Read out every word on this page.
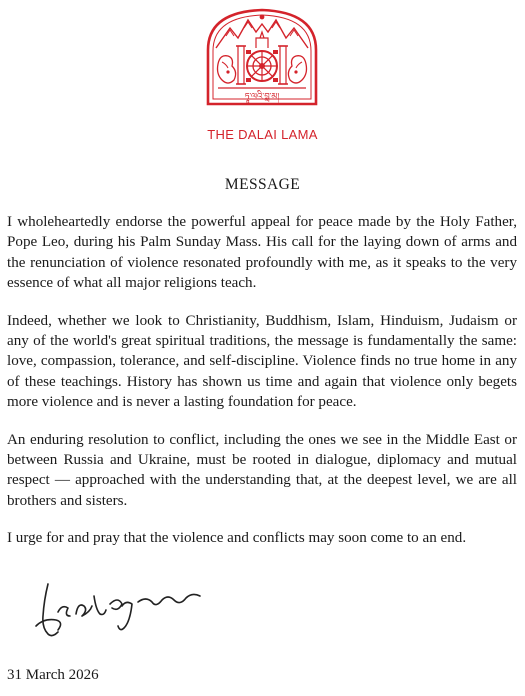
ཏཱ་ལའི་བླ་མ།
THE DALAI LAMA
MESSAGE

I wholeheartedly endorse the powerful appeal for peace made by the Holy Father, Pope Leo, during his Palm Sunday Mass. His call for the laying down of arms and the renunciation of violence resonated profoundly with me, as it speaks to the very essence of what all major religions teach.

Indeed, whether we look to Christianity, Buddhism, Islam, Hinduism, Judaism or any of the world's great spiritual traditions, the message is fundamentally the same: love, compassion, tolerance, and self-discipline. Violence finds no true home in any of these teachings. History has shown us time and again that violence only begets more violence and is never a lasting foundation for peace.

An enduring resolution to conflict, including the ones we see in the Middle East or between Russia and Ukraine, must be rooted in dialogue, diplomacy and mutual respect — approached with the understanding that, at the deepest level, we are all brothers and sisters.

I urge for and pray that the violence and conflicts may soon come to an end.

31 March 2026
